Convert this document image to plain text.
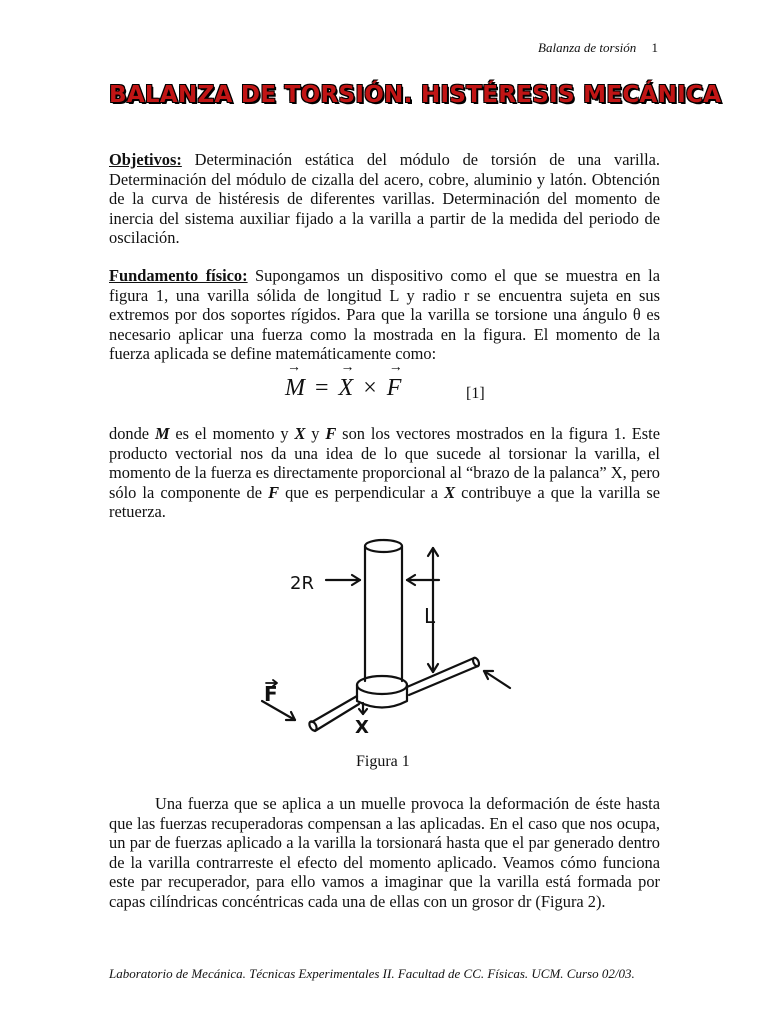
Balanza de torsión 1
BALANZA DE TORSIÓN. HISTÉRESIS MECÁNICA

Objetivos: Determinación estática del módulo de torsión de una varilla. Determinación del módulo de cizalla del acero, cobre, aluminio y latón. Obtención de la curva de histéresis de diferentes varillas. Determinación del momento de inercia del sistema auxiliar fijado a la varilla a partir de la medida del periodo de oscilación.

Fundamento físico: Supongamos un dispositivo como el que se muestra en la figura 1, una varilla sólida de longitud L y radio r se encuentra sujeta en sus extremos por dos soportes rígidos. Para que la varilla se torsione una ángulo θ es necesario aplicar una fuerza como la mostrada en la figura. El momento de la fuerza aplicada se define matemáticamente como:

→ M = → X × → F	[1]

donde M es el momento y X y F son los vectores mostrados en la figura 1. Este producto vectorial nos da una idea de lo que sucede al torsionar la varilla, el momento de la fuerza es directamente proporcional al “brazo de la palanca” X, pero sólo la componente de F que es perpendicular a X contribuye a que la varilla se retuerza.

2R
L
F
X
Figura 1

Una fuerza que se aplica a un muelle provoca la deformación de éste hasta que las fuerzas recuperadoras compensan a las aplicadas. En el caso que nos ocupa, un par de fuerzas aplicado a la varilla la torsionará hasta que el par generado dentro de la varilla contrarreste el efecto del momento aplicado. Veamos cómo funciona este par recuperador, para ello vamos a imaginar que la varilla está formada por capas cilíndricas concéntricas cada una de ellas con un grosor dr (Figura 2).

Laboratorio de Mecánica. Técnicas Experimentales II. Facultad de CC. Físicas. UCM. Curso 02/03.
